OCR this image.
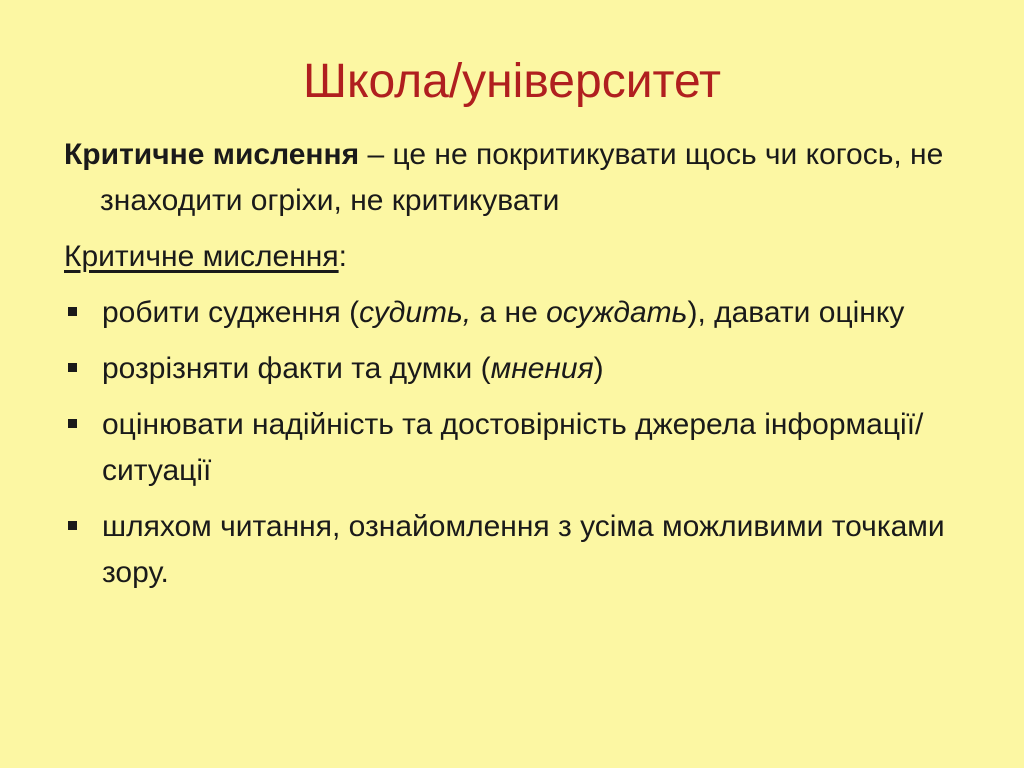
Школа/університет

Критичне мислення – це не покритикувати щось чи когось, не знаходити огріхи, не критикувати

Критичне мислення:

робити судження (судить, а не осуждать), давати оцінку
розрізняти факти та думки (мнения)
оцінювати надійність та достовірність джерела інформації/ситуації
шляхом читання, ознайомлення з усіма можливими точками зору.
